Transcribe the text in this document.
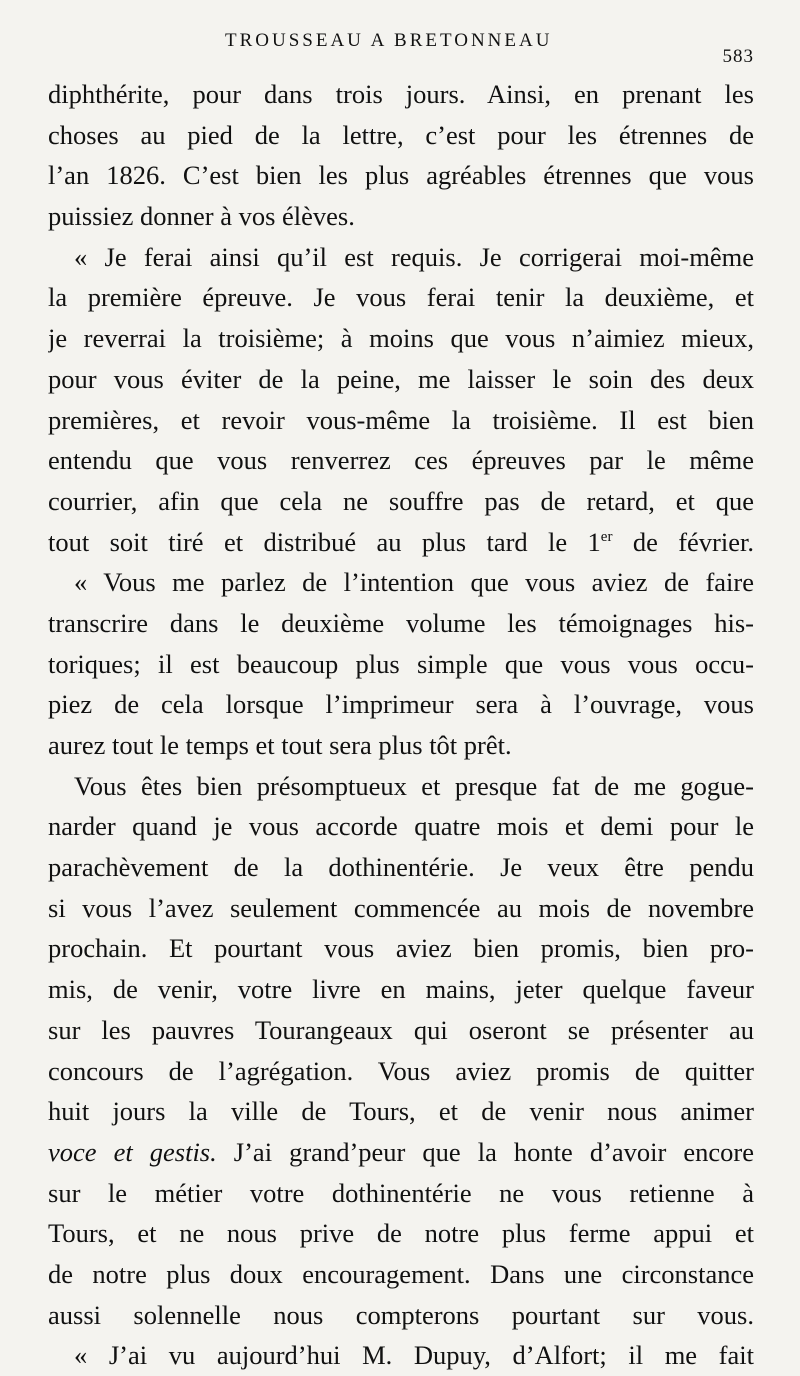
TROUSSEAU A BRETONNEAU
583
diphthérite, pour dans trois jours. Ainsi, en prenant les
choses au pied de la lettre, c’est pour les étrennes de
l’an 1826. C’est bien les plus agréables étrennes que vous
puissiez donner à vos élèves.
« Je ferai ainsi qu’il est requis. Je corrigerai moi-même
la première épreuve. Je vous ferai tenir la deuxième, et
je reverrai la troisième; à moins que vous n’aimiez mieux,
pour vous éviter de la peine, me laisser le soin des deux
premières, et revoir vous-même la troisième. Il est bien
entendu que vous renverrez ces épreuves par le même
courrier, afin que cela ne souffre pas de retard, et que
tout soit tiré et distribué au plus tard le 1er de février.
« Vous me parlez de l’intention que vous aviez de faire
transcrire dans le deuxième volume les témoignages his-
toriques; il est beaucoup plus simple que vous vous occu-
piez de cela lorsque l’imprimeur sera à l’ouvrage, vous
aurez tout le temps et tout sera plus tôt prêt.
Vous êtes bien présomptueux et presque fat de me gogue-
narder quand je vous accorde quatre mois et demi pour le
parachèvement de la dothinentérie. Je veux être pendu
si vous l’avez seulement commencée au mois de novembre
prochain. Et pourtant vous aviez bien promis, bien pro-
mis, de venir, votre livre en mains, jeter quelque faveur
sur les pauvres Tourangeaux qui oseront se présenter au
concours de l’agrégation. Vous aviez promis de quitter
huit jours la ville de Tours, et de venir nous animer
voce et gestis. J’ai grand’peur que la honte d’avoir encore
sur le métier votre dothinentérie ne vous retienne à
Tours, et ne nous prive de notre plus ferme appui et
de notre plus doux encouragement. Dans une circonstance
aussi solennelle nous compterons pourtant sur vous.
« J’ai vu aujourd’hui M. Dupuy, d’Alfort; il me fait
